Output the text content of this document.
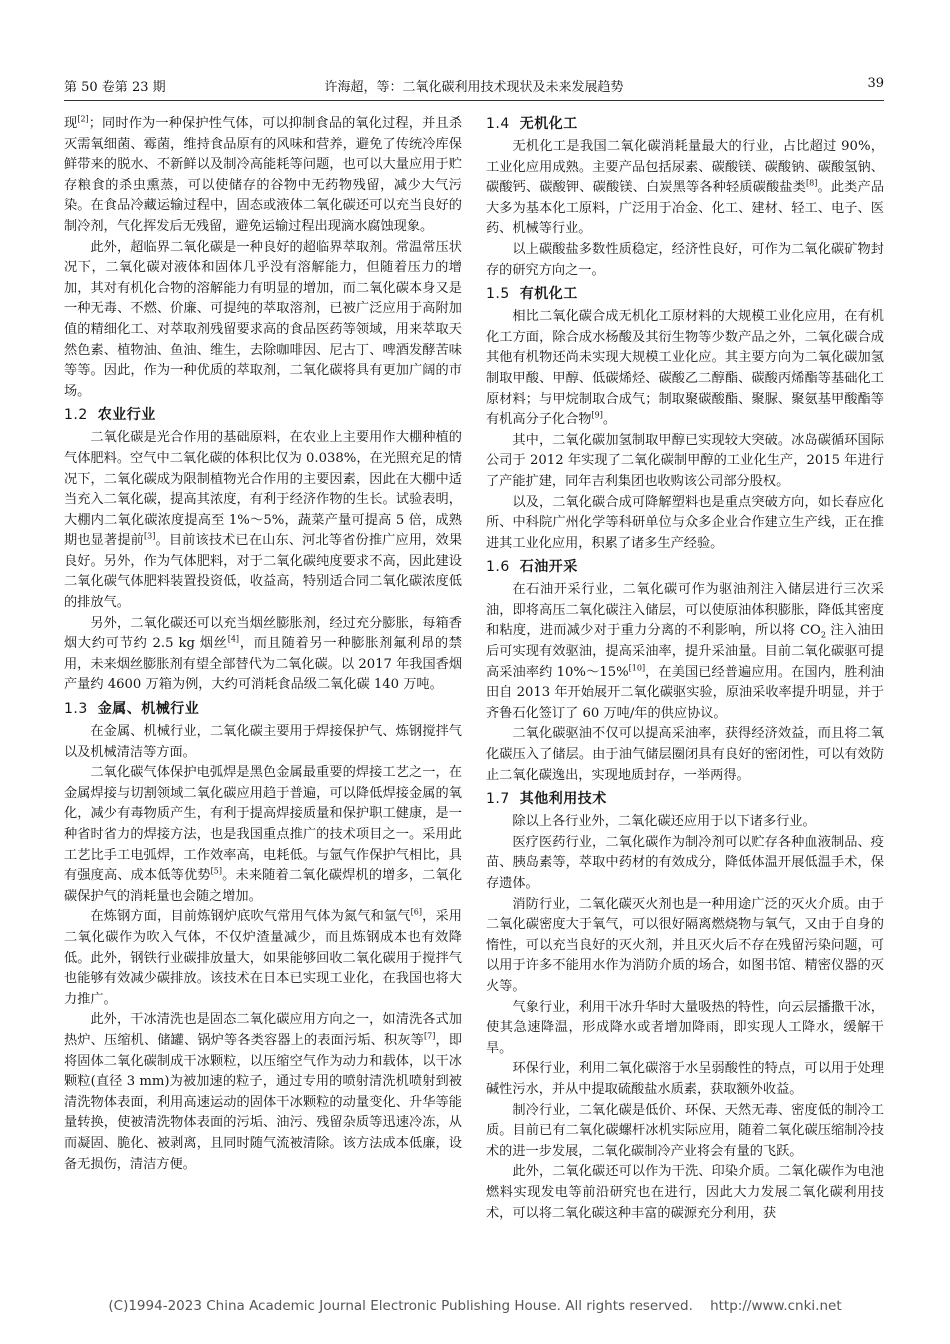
第 50 卷第 23 期	许海超，等：二氧化碳利用技术现状及未来发展趋势	39

现[2]；同时作为一种保护性气体，可以抑制食品的氧化过程，并且杀灭需氧细菌、霉菌，维持食品原有的风味和营养，避免了传统冷库保鲜带来的脱水、不新鲜以及制冷高能耗等问题，也可以大量应用于贮存粮食的杀虫熏蒸，可以使储存的谷物中无药物残留，减少大气污染。在食品冷藏运输过程中，固态或液体二氧化碳还可以充当良好的制冷剂，气化挥发后无残留，避免运输过程出现滴水腐蚀现象。

此外，超临界二氧化碳是一种良好的超临界萃取剂。常温常压状况下，二氧化碳对液体和固体几乎没有溶解能力，但随着压力的增加，其对有机化合物的溶解能力有明显的增加，而二氧化碳本身又是一种无毒、不燃、价廉、可提纯的萃取溶剂，已被广泛应用于高附加值的精细化工、对萃取剂残留要求高的食品医药等领域，用来萃取天然色素、植物油、鱼油、维生，去除咖啡因、尼古丁、啤酒发酵苦味等等。因此，作为一种优质的萃取剂，二氧化碳将具有更加广阔的市场。

1.2 农业行业

二氧化碳是光合作用的基础原料，在农业上主要用作大棚种植的气体肥料。空气中二氧化碳的体积比仅为 0.038%，在光照充足的情况下，二氧化碳成为限制植物光合作用的主要因素，因此在大棚中适当充入二氧化碳，提高其浓度，有利于经济作物的生长。试验表明，大棚内二氧化碳浓度提高至 1%～5%，蔬菜产量可提高 5 倍，成熟期也显著提前[3]。目前该技术已在山东、河北等省份推广应用，效果良好。另外，作为气体肥料，对于二氧化碳纯度要求不高，因此建设二氧化碳气体肥料装置投资低，收益高，特别适合同二氧化碳浓度低的排放气。

另外，二氧化碳还可以充当烟丝膨胀剂，经过充分膨胀，每箱香烟大约可节约 2.5 kg 烟丝[4]，而且随着另一种膨胀剂氟利昂的禁用，未来烟丝膨胀剂有望全部替代为二氧化碳。以 2017 年我国香烟产量约 4600 万箱为例，大约可消耗食品级二氧化碳 140 万吨。

1.3 金属、机械行业

在金属、机械行业，二氧化碳主要用于焊接保护气、炼钢搅拌气以及机械清洁等方面。

二氧化碳气体保护电弧焊是黑色金属最重要的焊接工艺之一，在金属焊接与切割领域二氧化碳应用趋于普遍，可以降低焊接金属的氧化，减少有毒物质产生，有利于提高焊接质量和保护职工健康，是一种省时省力的焊接方法，也是我国重点推广的技术项目之一。采用此工艺比手工电弧焊，工作效率高，电耗低。与氩气作保护气相比，具有强度高、成本低等优势[5]。未来随着二氧化碳焊机的增多，二氧化碳保护气的消耗量也会随之增加。

在炼钢方面，目前炼钢炉底吹气常用气体为氮气和氩气[6]，采用二氧化碳作为吹入气体，不仅炉渣量减少，而且炼钢成本也有效降低。此外，钢铁行业碳排放量大，如果能够回收二氧化碳用于搅拌气也能够有效减少碳排放。该技术在日本已实现工业化，在我国也将大力推广。

此外，干冰清洗也是固态二氧化碳应用方向之一，如清洗各式加热炉、压缩机、储罐、锅炉等各类容器上的表面污垢、积灰等[7]，即将固体二氧化碳制成干冰颗粒，以压缩空气作为动力和载体，以干冰颗粒(直径 3 mm)为被加速的粒子，通过专用的喷射清洗机喷射到被清洗物体表面，利用高速运动的固体干冰颗粒的动量变化、升华等能量转换，使被清洗物体表面的污垢、油污、残留杂质等迅速冷冻，从而凝固、脆化、被剥离，且同时随气流被清除。该方法成本低廉，设备无损伤，清洁方便。

1.4 无机化工

无机化工是我国二氧化碳消耗量最大的行业，占比超过 90%，工业化应用成熟。主要产品包括尿素、碳酸镁、碳酸钠、碳酸氢钠、碳酸钙、碳酸钾、碳酸镁、白炭黑等各种轻质碳酸盐类[8]。此类产品大多为基本化工原料，广泛用于冶金、化工、建材、轻工、电子、医药、机械等行业。

以上碳酸盐多数性质稳定，经济性良好，可作为二氧化碳矿物封存的研究方向之一。

1.5 有机化工

相比二氧化碳合成无机化工原材料的大规模工业化应用，在有机化工方面，除合成水杨酸及其衍生物等少数产品之外，二氧化碳合成其他有机物还尚未实现大规模工业化应。其主要方向为二氧化碳加氢制取甲酸、甲醇、低碳烯烃、碳酸乙二醇酯、碳酸丙烯酯等基础化工原材料；与甲烷制取合成气；制取聚碳酸酯、聚脲、聚氨基甲酸酯等有机高分子化合物[9]。

其中，二氧化碳加氢制取甲醇已实现较大突破。冰岛碳循环国际公司于 2012 年实现了二氧化碳制甲醇的工业化生产，2015 年进行了产能扩建，同年吉利集团也收购该公司部分股权。

以及，二氧化碳合成可降解塑料也是重点突破方向，如长春应化所、中科院广州化学等科研单位与众多企业合作建立生产线，正在推进其工业化应用，积累了诸多生产经验。

1.6 石油开采

在石油开采行业，二氧化碳可作为驱油剂注入储层进行三次采油，即将高压二氧化碳注入储层，可以使原油体积膨胀，降低其密度和粘度，进而减少对于重力分离的不利影响，所以将 $CO_2$ 注入油田后可实现有效驱油，提高采油率，提升采油量。目前二氧化碳驱可提高采油率约 10%～15%[10]，在美国已经普遍应用。在国内，胜利油田自 2013 年开始展开二氧化碳驱实验，原油采收率提升明显，并于齐鲁石化签订了 60 万吨/年的供应协议。

二氧化碳驱油不仅可以提高采油率，获得经济效益，而且将二氧化碳压入了储层。由于油气储层圈闭具有良好的密闭性，可以有效防止二氧化碳逸出，实现地质封存，一举两得。

1.7 其他利用技术

除以上各行业外，二氧化碳还应用于以下诸多行业。

医疗医药行业，二氧化碳作为制冷剂可以贮存各种血液制品、疫苗、胰岛素等，萃取中药材的有效成分，降低体温开展低温手术，保存遗体。

消防行业，二氧化碳灭火剂也是一种用途广泛的灭火介质。由于二氧化碳密度大于氧气，可以很好隔离燃烧物与氧气，又由于自身的惰性，可以充当良好的灭火剂，并且灭火后不存在残留污染问题，可以用于许多不能用水作为消防介质的场合，如图书馆、精密仪器的灭火等。

气象行业，利用干冰升华时大量吸热的特性，向云层播撒干冰，使其急速降温，形成降水或者增加降雨，即实现人工降水，缓解干旱。

环保行业，利用二氧化碳溶于水呈弱酸性的特点，可以用于处理碱性污水，并从中提取硫酸盐水质素，获取额外收益。

制冷行业，二氧化碳是低价、环保、天然无毒、密度低的制冷工质。目前已有二氧化碳螺杆冰机实际应用，随着二氧化碳压缩制冷技术的进一步发展，二氧化碳制冷产业将会有量的飞跃。

此外，二氧化碳还可以作为干洗、印染介质。二氧化碳作为电池燃料实现发电等前沿研究也在进行，因此大力发展二氧化碳利用技术，可以将二氧化碳这种丰富的碳源充分利用，获

(C)1994-2023 China Academic Journal Electronic Publishing House. All rights reserved.    http://www.cnki.net
